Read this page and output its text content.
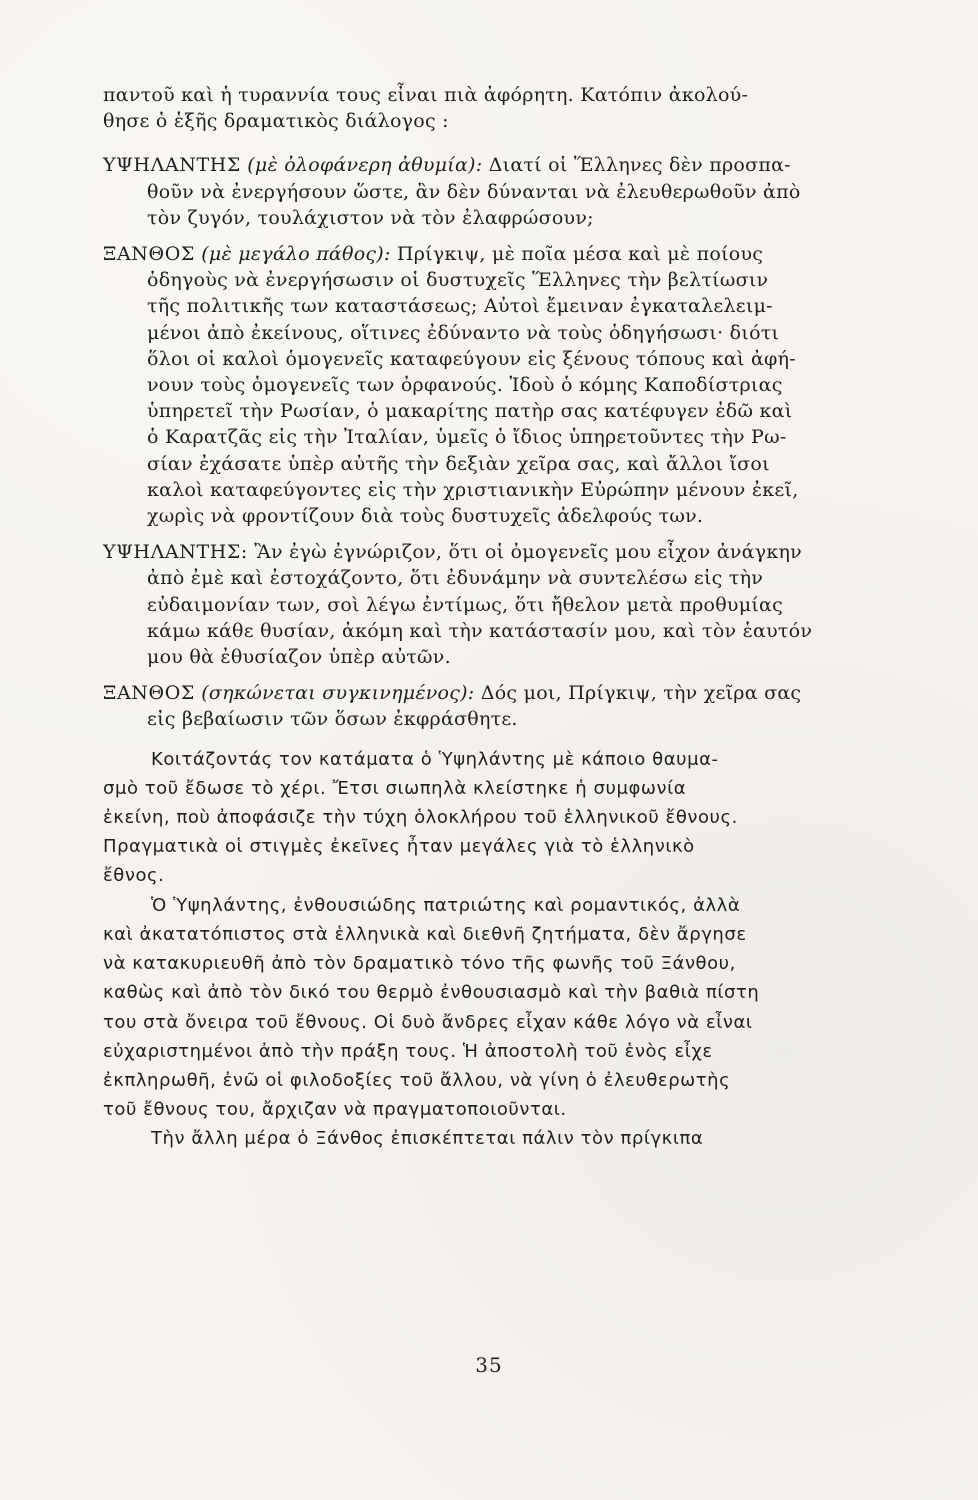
παντοῦ καὶ ἡ τυραννία τους εἶναι πιὰ ἀφόρητη. Κατόπιν ἀκολού-

θησε ὁ ἑξῆς δραματικὸς διάλογος :

ΥΨΗΛΑΝΤΗΣ (μὲ ὀλοφάνερη ἀθυμία): Διατί οἱ Ἕλληνες δὲν προσπα-

θοῦν νὰ ἐνεργήσουν ὥστε, ἂν δὲν δύνανται νὰ ἐλευθερωθοῦν ἀπὸ

τὸν ζυγόν, τουλάχιστον νὰ τὸν ἐλαφρώσουν;

ΞΑΝΘΟΣ (μὲ μεγάλο πάθος): Πρίγκιψ, μὲ ποῖα μέσα καὶ μὲ ποίους

ὁδηγοὺς νὰ ἐνεργήσωσιν οἱ δυστυχεῖς Ἕλληνες τὴν βελτίωσιν

τῆς πολιτικῆς των καταστάσεως; Αὐτοὶ ἔμειναν ἐγκαταλελειμ-

μένοι ἀπὸ ἐκείνους, οἵτινες ἐδύναντο νὰ τοὺς ὁδηγήσωσι· διότι

ὅλοι οἱ καλοὶ ὁμογενεῖς καταφεύγουν εἰς ξένους τόπους καὶ ἀφή-

νουν τοὺς ὁμογενεῖς των ὀρφανούς. Ἰδοὺ ὁ κόμης Καποδίστριας

ὑπηρετεῖ τὴν Ρωσίαν, ὁ μακαρίτης πατὴρ σας κατέφυγεν ἐδῶ καὶ

ὁ Καρατζᾶς εἰς τὴν Ἰταλίαν, ὑμεῖς ὁ ἴδιος ὑπηρετοῦντες τὴν Ρω-

σίαν ἐχάσατε ὑπὲρ αὐτῆς τὴν δεξιὰν χεῖρα σας, καὶ ἄλλοι ἴσοι

καλοὶ καταφεύγοντες εἰς τὴν χριστιανικὴν Εὐρώπην μένουν ἐκεῖ,

χωρὶς νὰ φροντίζουν διὰ τοὺς δυστυχεῖς ἀδελφούς των.

ΥΨΗΛΑΝΤΗΣ: Ἂν ἐγὼ ἐγνώριζον, ὅτι οἱ ὁμογενεῖς μου εἶχον ἀνάγκην

ἀπὸ ἐμὲ καὶ ἐστοχάζοντο, ὅτι ἐδυνάμην νὰ συντελέσω εἰς τὴν

εὐδαιμονίαν των, σοὶ λέγω ἐντίμως, ὅτι ἤθελον μετὰ προθυμίας

κάμω κάθε θυσίαν, ἀκόμη καὶ τὴν κατάστασίν μου, καὶ τὸν ἑαυτόν

μου θὰ ἐθυσίαζον ὑπὲρ αὐτῶν.

ΞΑΝΘΟΣ (σηκώνεται συγκινημένος): Δός μοι, Πρίγκιψ, τὴν χεῖρα σας

εἰς βεβαίωσιν τῶν ὅσων ἐκφράσθητε.

Κοιτάζοντάς τον κατάματα ὁ Ὑψηλάντης μὲ κάποιο θαυμα-

σμὸ τοῦ ἔδωσε τὸ χέρι. Ἔτσι σιωπηλὰ κλείστηκε ἡ συμφωνία

ἐκείνη, ποὺ ἀποφάσιζε τὴν τύχη ὁλοκλήρου τοῦ ἑλληνικοῦ ἔθνους.

Πραγματικὰ οἱ στιγμὲς ἐκεῖνες ἦταν μεγάλες γιὰ τὸ ἑλληνικὸ

ἔθνος.

Ὁ Ὑψηλάντης, ἐνθουσιώδης πατριώτης καὶ ρομαντικός, ἀλλὰ

καὶ ἀκατατόπιστος στὰ ἑλληνικὰ καὶ διεθνῆ ζητήματα, δὲν ἄργησε

νὰ κατακυριευθῆ ἀπὸ τὸν δραματικὸ τόνο τῆς φωνῆς τοῦ Ξάνθου,

καθὼς καὶ ἀπὸ τὸν δικό του θερμὸ ἐνθουσιασμὸ καὶ τὴν βαθιὰ πίστη

του στὰ ὄνειρα τοῦ ἔθνους. Οἱ δυὸ ἄνδρες εἶχαν κάθε λόγο νὰ εἶναι

εὐχαριστημένοι ἀπὸ τὴν πράξη τους. Ἡ ἀποστολὴ τοῦ ἑνὸς εἶχε

ἐκπληρωθῆ, ἐνῶ οἱ φιλοδοξίες τοῦ ἄλλου, νὰ γίνη ὁ ἐλευθερωτὴς

τοῦ ἔθνους του, ἄρχιζαν νὰ πραγματοποιοῦνται.

Τὴν ἄλλη μέρα ὁ Ξάνθος ἐπισκέπτεται πάλιν τὸν πρίγκιπα

35
